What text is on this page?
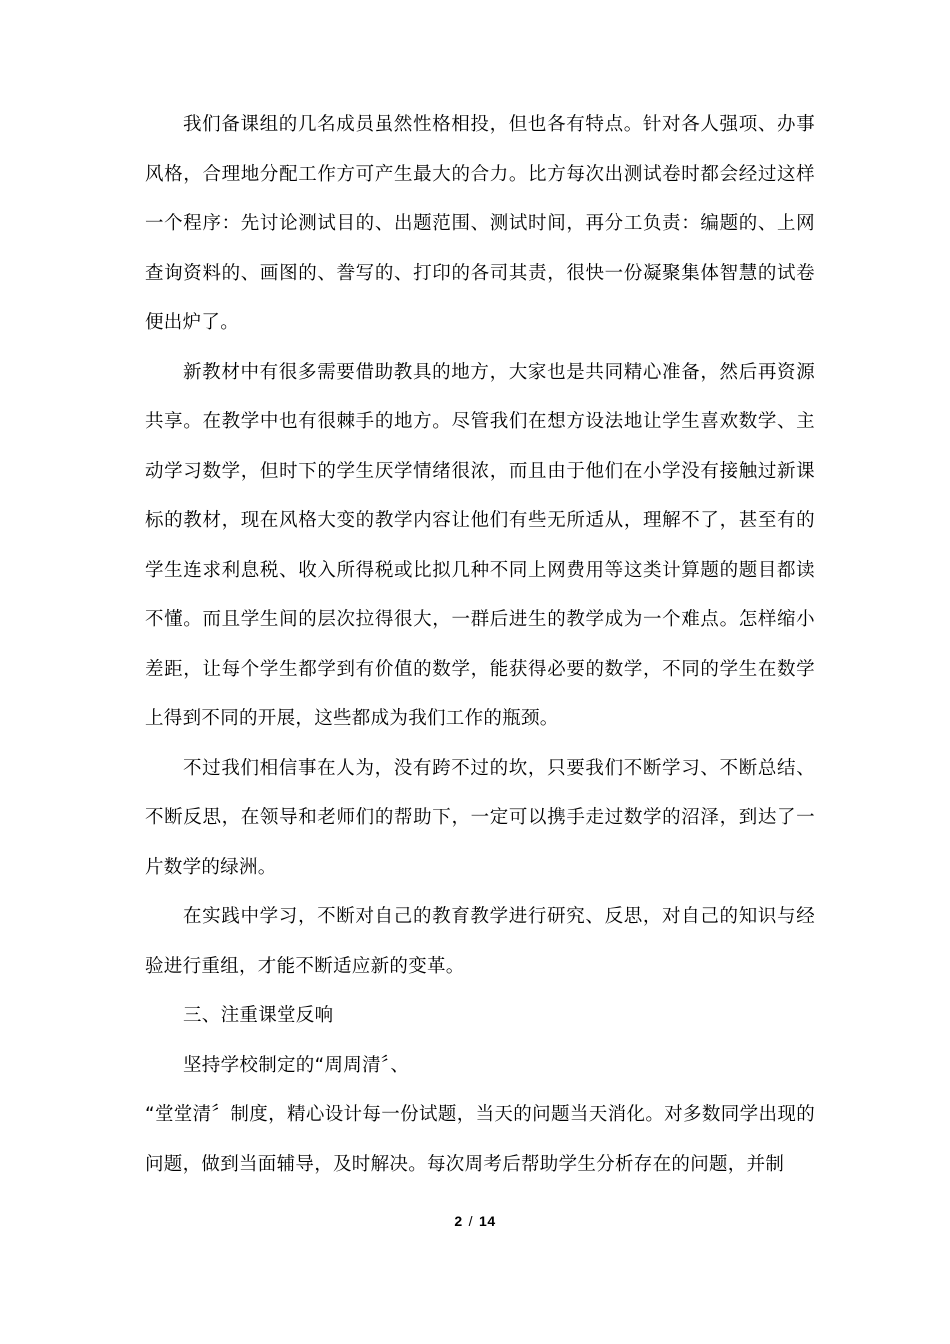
我们备课组的几名成员虽然性格相投，但也各有特点。针对各人强项、办事风格，合理地分配工作方可产生最大的合力。比方每次出测试卷时都会经过这样一个程序：先讨论测试目的、出题范围、测试时间，再分工负责：编题的、上网查询资料的、画图的、誊写的、打印的各司其责，很快一份凝聚集体智慧的试卷便出炉了。

新教材中有很多需要借助教具的地方，大家也是共同精心准备，然后再资源共享。在教学中也有很棘手的地方。尽管我们在想方设法地让学生喜欢数学、主动学习数学，但时下的学生厌学情绪很浓，而且由于他们在小学没有接触过新课标的教材，现在风格大变的教学内容让他们有些无所适从，理解不了，甚至有的学生连求利息税、收入所得税或比拟几种不同上网费用等这类计算题的题目都读不懂。而且学生间的层次拉得很大，一群后进生的教学成为一个难点。怎样缩小差距，让每个学生都学到有价值的数学，能获得必要的数学，不同的学生在数学上得到不同的开展，这些都成为我们工作的瓶颈。

不过我们相信事在人为，没有跨不过的坎，只要我们不断学习、不断总结、不断反思，在领导和老师们的帮助下，一定可以携手走过数学的沼泽，到达了一片数学的绿洲。

在实践中学习，不断对自己的教育教学进行研究、反思，对自己的知识与经验进行重组，才能不断适应新的变革。

三、注重课堂反响

坚持学校制定的“周周清〞、

“堂堂清〞制度，精心设计每一份试题，当天的问题当天消化。对多数同学出现的问题，做到当面辅导，及时解决。每次周考后帮助学生分析存在的问题，并制

2 / 14
